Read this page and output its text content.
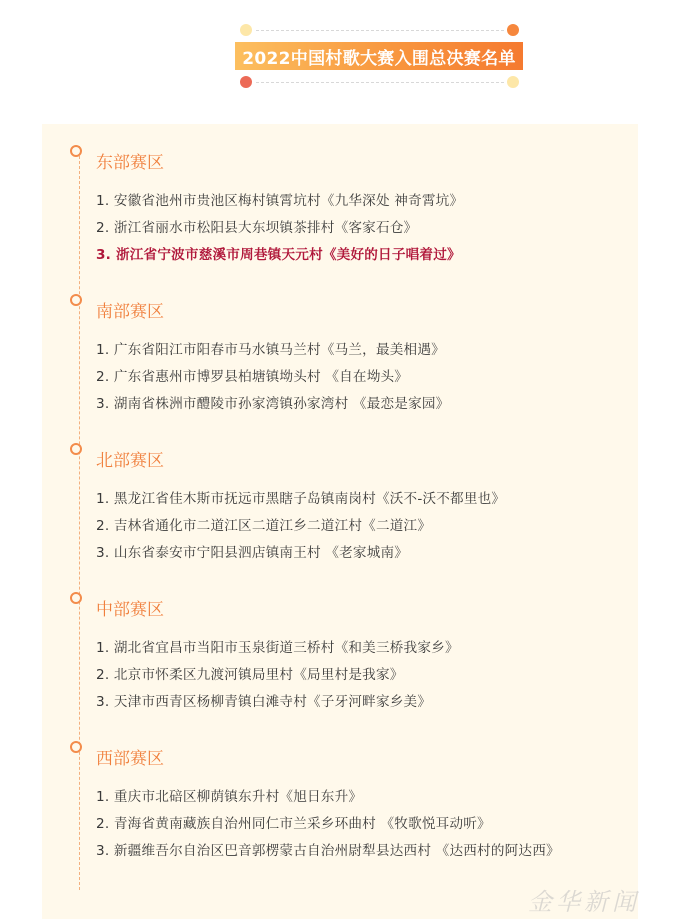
2022中国村歌大赛入围总决赛名单
东部赛区
1. 安徽省池州市贵池区梅村镇霄坑村《九华深处 神奇霄坑》
2. 浙江省丽水市松阳县大东坝镇茶排村《客家石仓》
3. 浙江省宁波市慈溪市周巷镇天元村《美好的日子唱着过》
南部赛区
1. 广东省阳江市阳春市马水镇马兰村《马兰，最美相遇》
2. 广东省惠州市博罗县柏塘镇坳头村 《自在坳头》
3. 湖南省株洲市醴陵市孙家湾镇孙家湾村 《最恋是家园》
北部赛区
1. 黑龙江省佳木斯市抚远市黑瞎子岛镇南岗村《沃不-沃不都里也》
2. 吉林省通化市二道江区二道江乡二道江村《二道江》
3. 山东省泰安市宁阳县泗店镇南王村 《老家城南》
中部赛区
1. 湖北省宜昌市当阳市玉泉街道三桥村《和美三桥我家乡》
2. 北京市怀柔区九渡河镇局里村《局里村是我家》
3. 天津市西青区杨柳青镇白滩寺村《子牙河畔家乡美》
西部赛区
1. 重庆市北碚区柳荫镇东升村《旭日东升》
2. 青海省黄南藏族自治州同仁市兰采乡环曲村 《牧歌悦耳动听》
3. 新疆维吾尔自治区巴音郭楞蒙古自治州尉犁县达西村 《达西村的阿达西》
金华新闻
